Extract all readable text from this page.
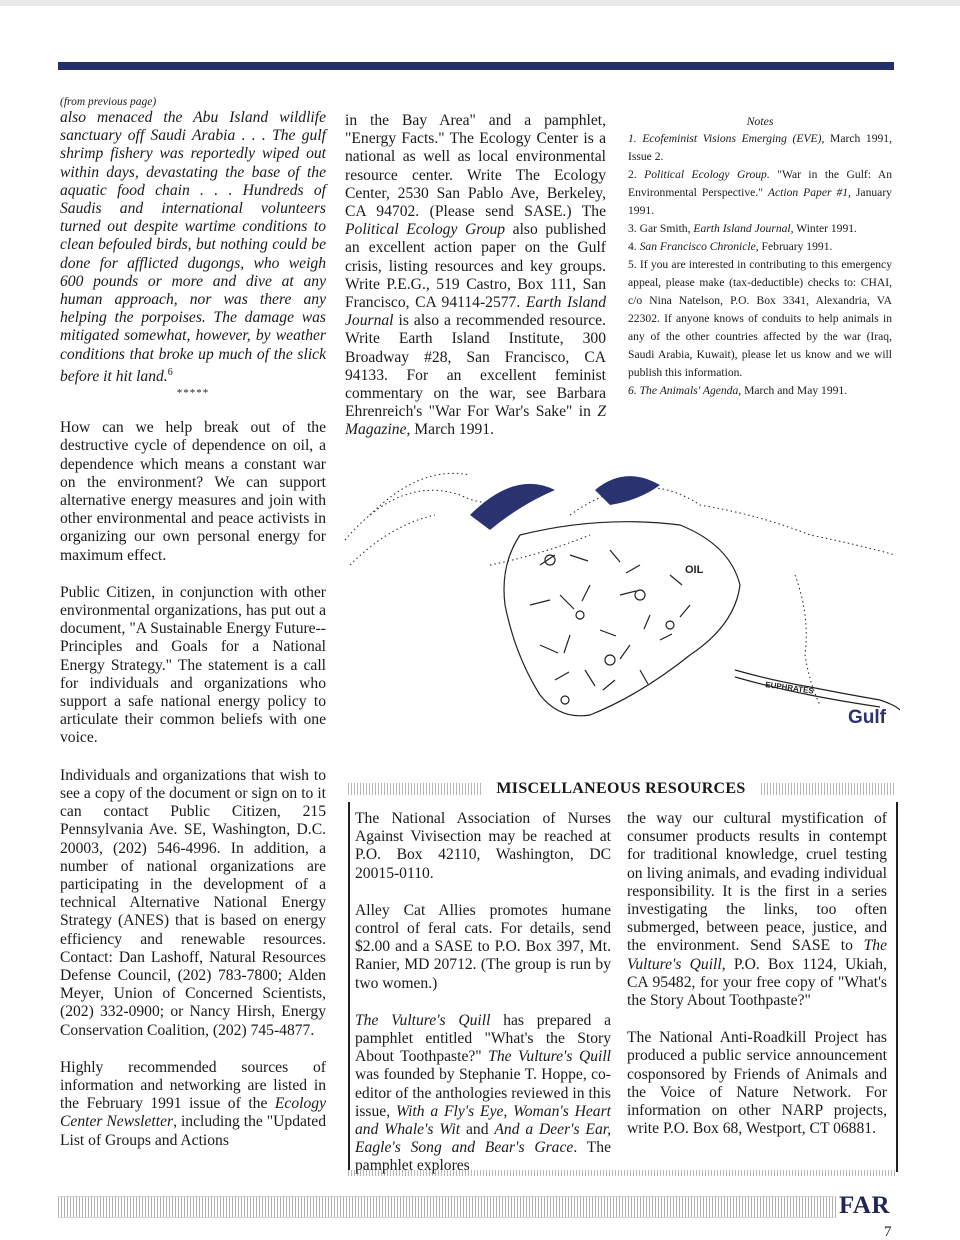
(from previous page)

also menaced the Abu Island wildlife sanctuary off Saudi Arabia . . . The gulf shrimp fishery was reportedly wiped out within days, devastating the base of the aquatic food chain . . . Hundreds of Saudis and international volunteers turned out despite wartime conditions to clean befouled birds, but nothing could be done for afflicted dugongs, who weigh 600 pounds or more and dive at any human approach, nor was there any helping the porpoises. The damage was mitigated somewhat, however, by weather conditions that broke up much of the slick before it hit land.$^6$

*****

How can we help break out of the destructive cycle of dependence on oil, a dependence which means a constant war on the environment? We can support alternative energy measures and join with other environmental and peace activists in organizing our own personal energy for maximum effect.

Public Citizen, in conjunction with other environmental organizations, has put out a document, "A Sustainable Energy Future--Principles and Goals for a National Energy Strategy." The statement is a call for individuals and organizations who support a safe national energy policy to articulate their common beliefs with one voice.

Individuals and organizations that wish to see a copy of the document or sign on to it can contact Public Citizen, 215 Pennsylvania Ave. SE, Washington, D.C. 20003, (202) 546-4996. In addition, a number of national organizations are participating in the development of a technical Alternative National Energy Strategy (ANES) that is based on energy efficiency and renewable resources. Contact: Dan Lashoff, Natural Resources Defense Council, (202) 783-7800; Alden Meyer, Union of Concerned Scientists, (202) 332-0900; or Nancy Hirsh, Energy Conservation Coalition, (202) 745-4877.

Highly recommended sources of information and networking are listed in the February 1991 issue of the Ecology Center Newsletter, including the "Updated List of Groups and Actions

in the Bay Area" and a pamphlet, "Energy Facts." The Ecology Center is a national as well as local environmental resource center. Write The Ecology Center, 2530 San Pablo Ave, Berkeley, CA 94702. (Please send SASE.) The Political Ecology Group also published an excellent action paper on the Gulf crisis, listing resources and key groups. Write P.E.G., 519 Castro, Box 111, San Francisco, CA 94114-2577. Earth Island Journal is also a recommended resource. Write Earth Island Institute, 300 Broadway #28, San Francisco, CA 94133. For an excellent feminist commentary on the war, see Barbara Ehrenreich's "War For War's Sake" in Z Magazine, March 1991.

Notes

1. Ecofeminist Visions Emerging (EVE), March 1991, Issue 2.

2. Political Ecology Group. "War in the Gulf: An Environmental Perspective." Action Paper #1, January 1991.

3. Gar Smith, Earth Island Journal, Winter 1991.

4. San Francisco Chronicle, February 1991.

5. If you are interested in contributing to this emergency appeal, please make (tax-deductible) checks to: CHAI, c/o Nina Natelson, P.O. Box 3341, Alexandria, VA 22302. If anyone knows of conduits to help animals in any of the other countries affected by the war (Iraq, Saudi Arabia, Kuwait), please let us know and we will publish this information.

6. The Animals' Agenda, March and May 1991.

OIL
EUPHRATES
Gulf
MISCELLANEOUS RESOURCES

The National Association of Nurses Against Vivisection may be reached at P.O. Box 42110, Washington, DC 20015-0110.

Alley Cat Allies promotes humane control of feral cats. For details, send $2.00 and a SASE to P.O. Box 397, Mt. Ranier, MD 20712. (The group is run by two women.)

The Vulture's Quill has prepared a pamphlet entitled "What's the Story About Toothpaste?" The Vulture's Quill was founded by Stephanie T. Hoppe, co-editor of the anthologies reviewed in this issue, With a Fly's Eye, Woman's Heart and Whale's Wit and And a Deer's Ear, Eagle's Song and Bear's Grace. The pamphlet explores

the way our cultural mystification of consumer products results in contempt for traditional knowledge, cruel testing on living animals, and evading individual responsibility. It is the first in a series investigating the links, too often submerged, between peace, justice, and the environment. Send SASE to The Vulture's Quill, P.O. Box 1124, Ukiah, CA 95482, for your free copy of "What's the Story About Toothpaste?"

The National Anti-Roadkill Project has produced a public service announcement cosponsored by Friends of Animals and the Voice of Nature Network. For information on other NARP projects, write P.O. Box 68, Westport, CT 06881.

FAR
7
